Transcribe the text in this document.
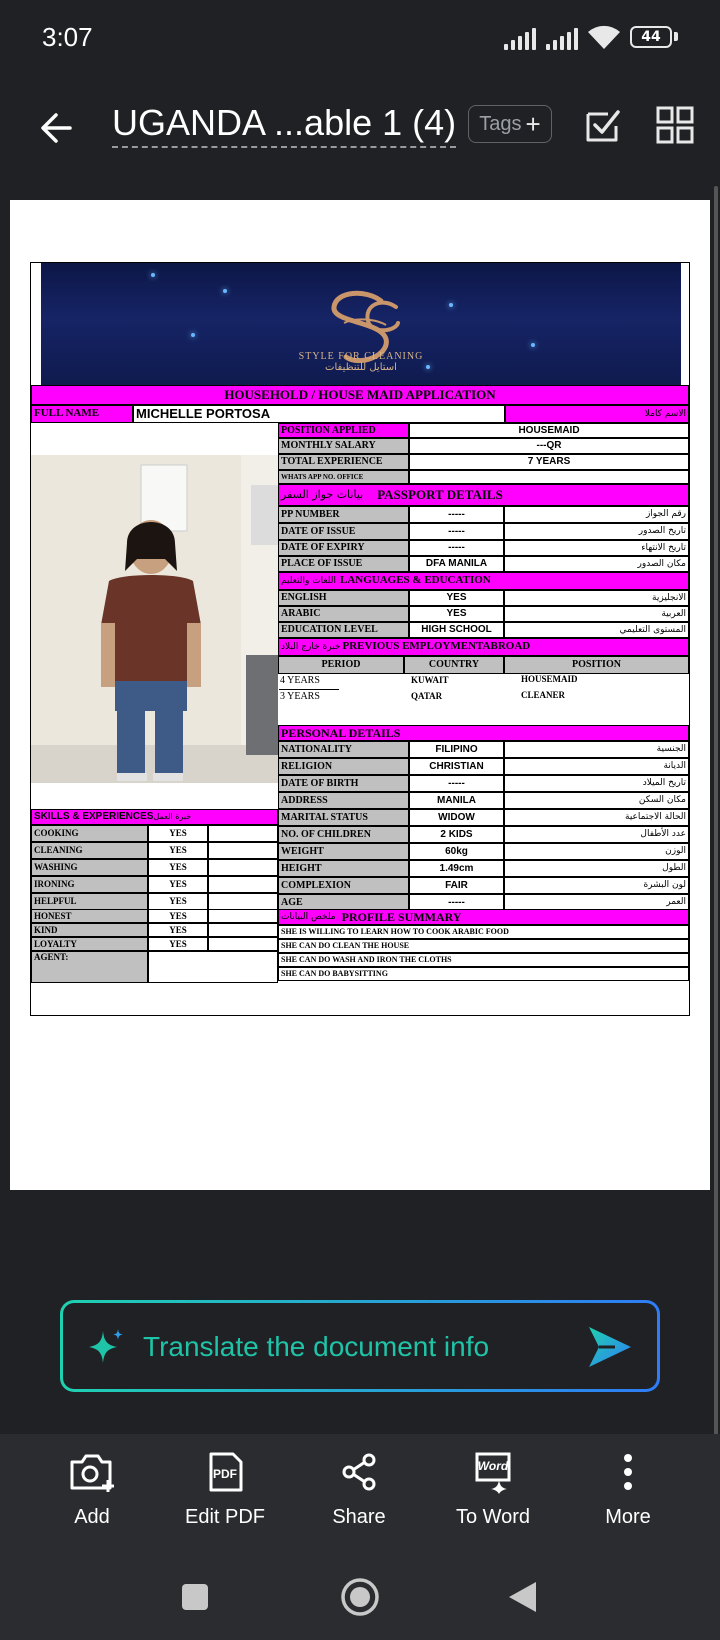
3:07	44
UGANDA ...able 1 (4) Tags +
STYLE FOR CLEANING
استايل للتنظيفات
HOUSEHOLD / HOUSE MAID APPLICATION
FULL NAME	MICHELLE PORTOSA	الاسم كاملا
POSITION APPLIED	HOUSEMAID
MONTHLY SALARY	---QR
TOTAL EXPERIENCE	7 YEARS
WHATS APP NO. OFFICE
بيانات جواز السفر PASSPORT DETAILS
PP NUMBER	-----	رقم الجواز
DATE OF ISSUE	-----	تاريخ الصدور
DATE OF EXPIRY	-----	تاريخ الانتهاء
PLACE OF ISSUE	DFA MANILA	مكان الصدور
اللغات والتعليم LANGUAGES & EDUCATION
ENGLISH	YES	الانجليزية
ARABIC	YES	العربية
EDUCATION LEVEL	HIGH SCHOOL	المستوى التعليمي
خبرة خارج البلاد PREVIOUS EMPLOYMENTABROAD
PERIOD	COUNTRY	POSITION
4 YEARS	KUWAIT	HOUSEMAID
3 YEARS	QATAR	CLEANER
PERSONAL DETAILS
NATIONALITY	FILIPINO	الجنسية
RELIGION	CHRISTIAN	الديانة
DATE OF BIRTH	-----	تاريخ الميلاد
ADDRESS	MANILA	مكان السكن
MARITAL STATUS	WIDOW	الحالة الاجتماعية
NO. OF CHILDREN	2 KIDS	عدد الأطفال
WEIGHT	60kg	الوزن
HEIGHT	1.49cm	الطول
COMPLEXION	FAIR	لون البشرة
AGE	-----	العمر
SKILLS & EXPERIENCES خبرة العمل
COOKING	YES
CLEANING	YES
WASHING	YES
IRONING	YES
HELPFUL	YES
HONEST	YES
KIND	YES
LOYALTY	YES
AGENT:
ملخص البيانات PROFILE SUMMARY
SHE IS WILLING TO LEARN HOW TO COOK ARABIC FOOD
SHE CAN DO CLEAN THE HOUSE
SHE CAN DO WASH AND IRON THE CLOTHS
SHE CAN DO BABYSITTING
Translate the document info
Add
PDF
Edit PDF	Share
Word
To Word	More
